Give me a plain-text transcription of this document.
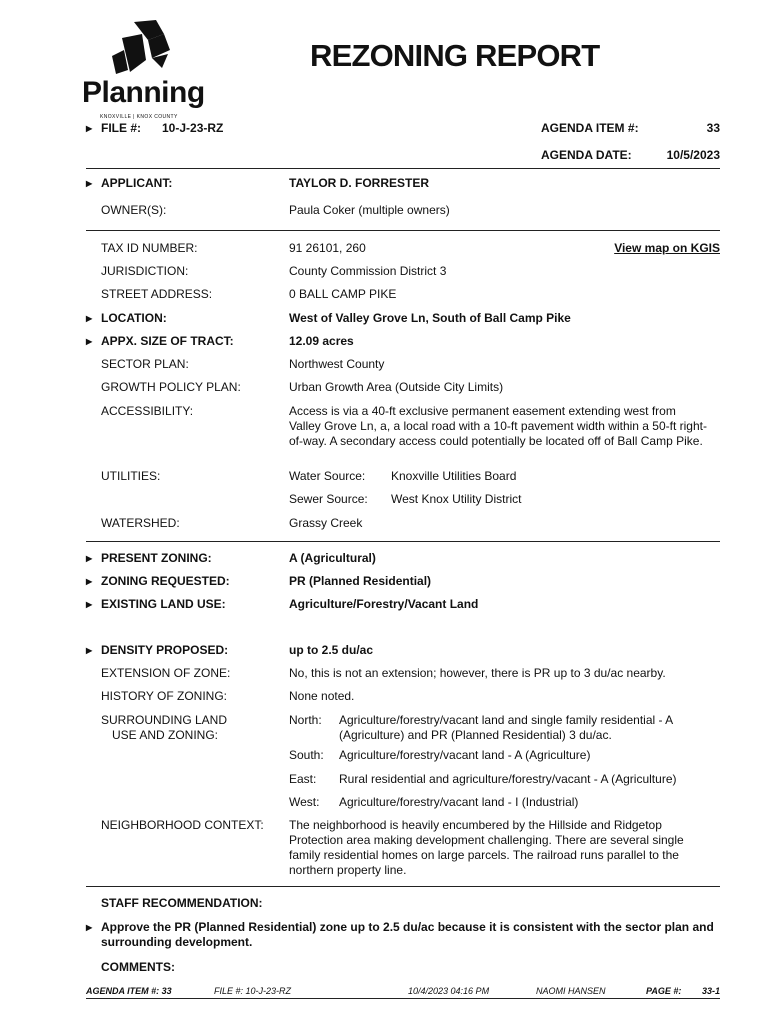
Planning
KNOXVILLE | KNOX COUNTY
REZONING REPORT
▶ FILE #: 10-J-23-RZ	AGENDA ITEM #:	33
AGENDA DATE:	10/5/2023
▶ APPLICANT:	TAYLOR D. FORRESTER
OWNER(S):	Paula Coker (multiple owners)
TAX ID NUMBER:	91 26101, 260	View map on KGIS
JURISDICTION:	County Commission District 3
STREET ADDRESS:	0 BALL CAMP PIKE
▶ LOCATION:	West of Valley Grove Ln, South of Ball Camp Pike
▶ APPX. SIZE OF TRACT:	12.09 acres
SECTOR PLAN:	Northwest County
GROWTH POLICY PLAN:	Urban Growth Area (Outside City Limits)
ACCESSIBILITY:	Access is via a 40-ft exclusive permanent easement extending west from Valley Grove Ln, a, a local road with a 10-ft pavement width within a 50-ft right-of-way. A secondary access could potentially be located off of Ball Camp Pike.
UTILITIES:	Water Source: Knoxville Utilities Board
Sewer Source: West Knox Utility District
WATERSHED:	Grassy Creek
▶ PRESENT ZONING:	A (Agricultural)
▶ ZONING REQUESTED:	PR (Planned Residential)
▶ EXISTING LAND USE:	Agriculture/Forestry/Vacant Land
▶ DENSITY PROPOSED:	up to 2.5 du/ac
EXTENSION OF ZONE:	No, this is not an extension; however, there is PR up to 3 du/ac nearby.
HISTORY OF ZONING:	None noted.
SURROUNDING LAND	North: Agriculture/forestry/vacant land and single family residential - A (Agriculture) and PR (Planned Residential) 3 du/ac.
USE AND ZONING:
South: Agriculture/forestry/vacant land - A (Agriculture)
East: Rural residential and agriculture/forestry/vacant - A (Agriculture)
West: Agriculture/forestry/vacant land - I (Industrial)
NEIGHBORHOOD CONTEXT: The neighborhood is heavily encumbered by the Hillside and Ridgetop Protection area making development challenging. There are several single family residential homes on large parcels. The railroad runs parallel to the northern property line.
STAFF RECOMMENDATION:
▶ Approve the PR (Planned Residential) zone up to 2.5 du/ac because it is consistent with the sector plan and surrounding development.
COMMENTS:
AGENDA ITEM #: 33	FILE #: 10-J-23-RZ	10/4/2023 04:16 PM	NAOMI HANSEN	PAGE #: 33-1
